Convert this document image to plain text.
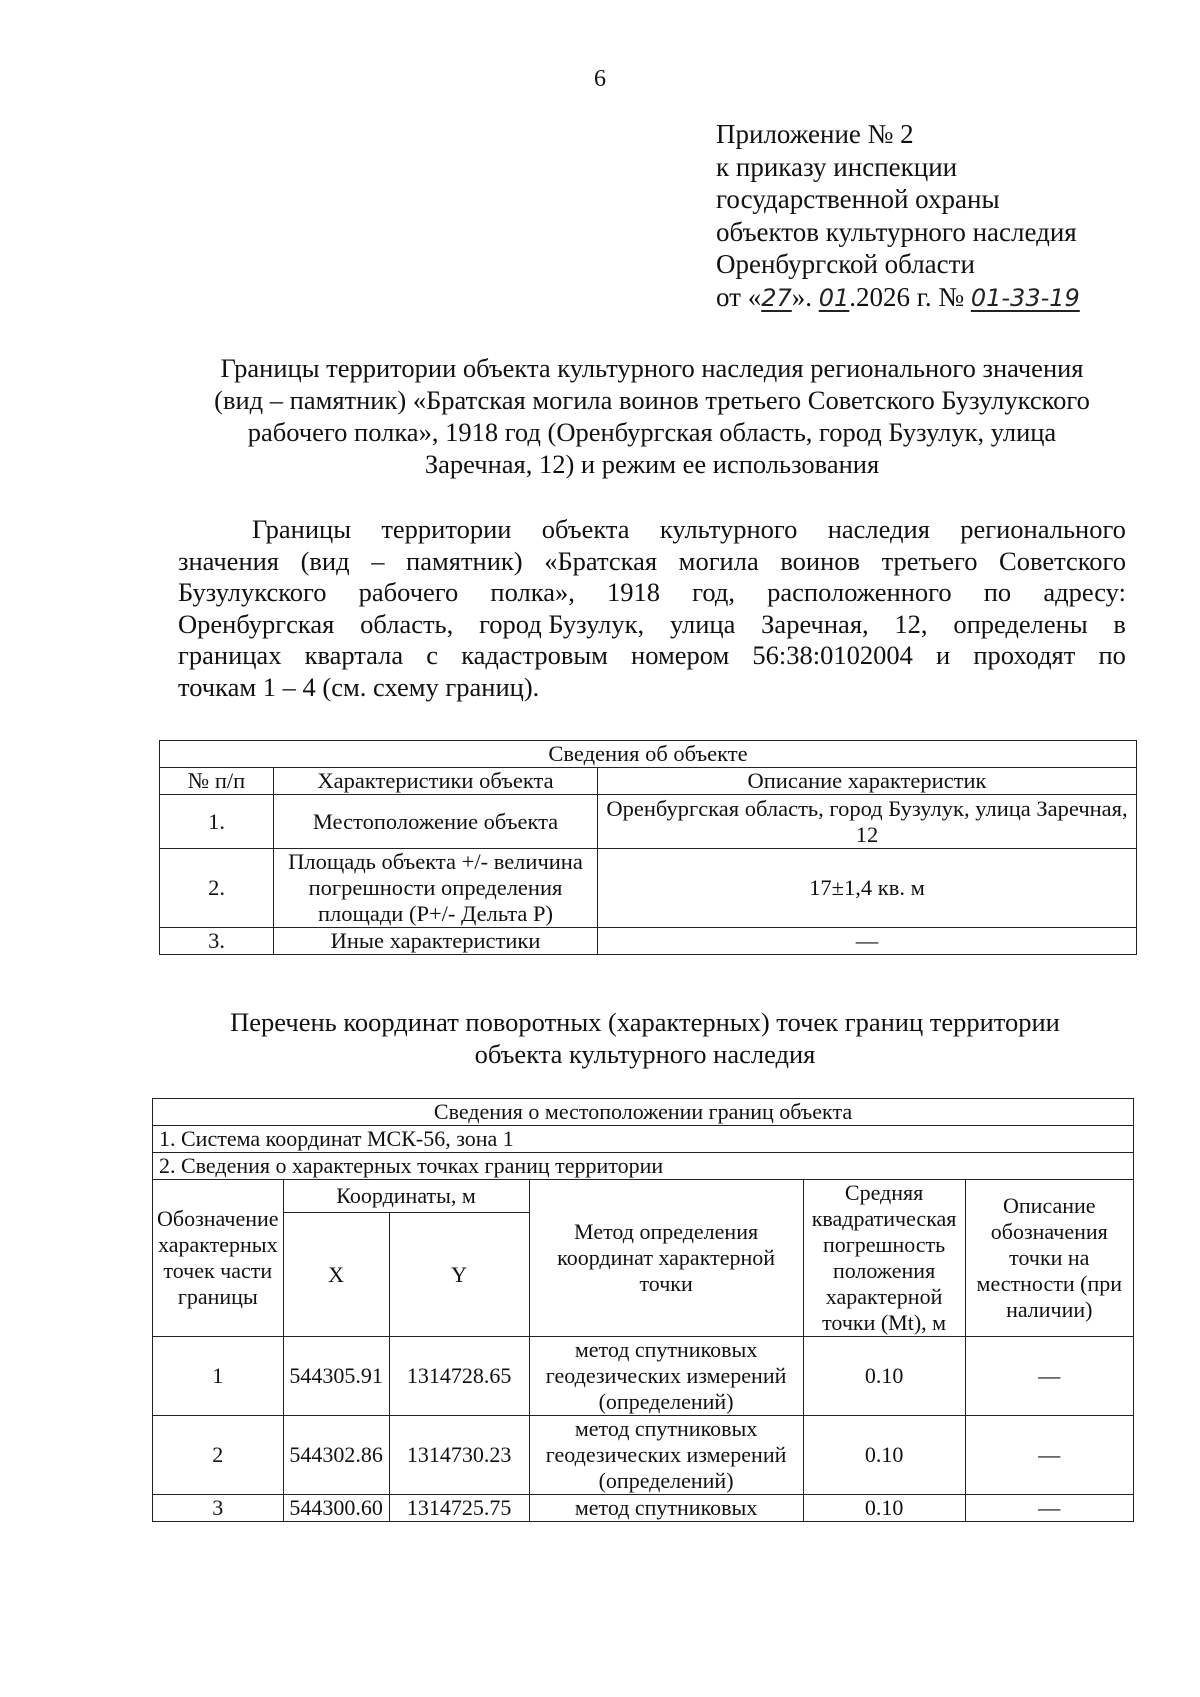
6
Приложение № 2
к приказу инспекции
государственной охраны
объектов культурного наследия
Оренбургской области
от «27». 01.2026 г. № 01-33-19
Границы территории объекта культурного наследия регионального значения
(вид – памятник) «Братская могила воинов третьего Советского Бузулукского
рабочего полка», 1918 год (Оренбургская область, город Бузулук, улица
Заречная, 12) и режим ее использования
Границы территории объекта культурного наследия регионального
значения (вид – памятник) «Братская могила воинов третьего Советского
Бузулукского рабочего полка», 1918 год, расположенного по адресу:
Оренбургская область, город Бузулук, улица Заречная, 12, определены в
границах квартала с кадастровым номером 56:38:0102004 и проходят по
точкам 1 – 4 (см. схему границ).
Сведения об объекте		
№ п/п	Характеристики объекта	Описание характеристик
1.	Местоположение объекта	Оренбургская область, город Бузулук, улица Заречная, 12
2.	Площадь объекта +/- величина погрешности определения площади (Р+/- Дельта Р)	17±1,4 кв. м
3.	Иные характеристики	—
Перечень координат поворотных (характерных) точек границ территории
объекта культурного наследия
Сведения о местоположении границ объекта					
1. Система координат МСК-56, зона 1					
2. Сведения о характерных точках границ территории					
Обозначение характерных точек части границы	Координаты, м		Метод определения координат характерной точки	Средняя квадратическая погрешность положения характерной точки (Mt), м	Описание обозначения точки на местности (при наличии)
	X	Y			
1	544305.91	1314728.65	метод спутниковых геодезических измерений (определений)	0.10	—
2	544302.86	1314730.23	метод спутниковых геодезических измерений (определений)	0.10	—
3	544300.60	1314725.75	метод спутниковых	0.10	—
